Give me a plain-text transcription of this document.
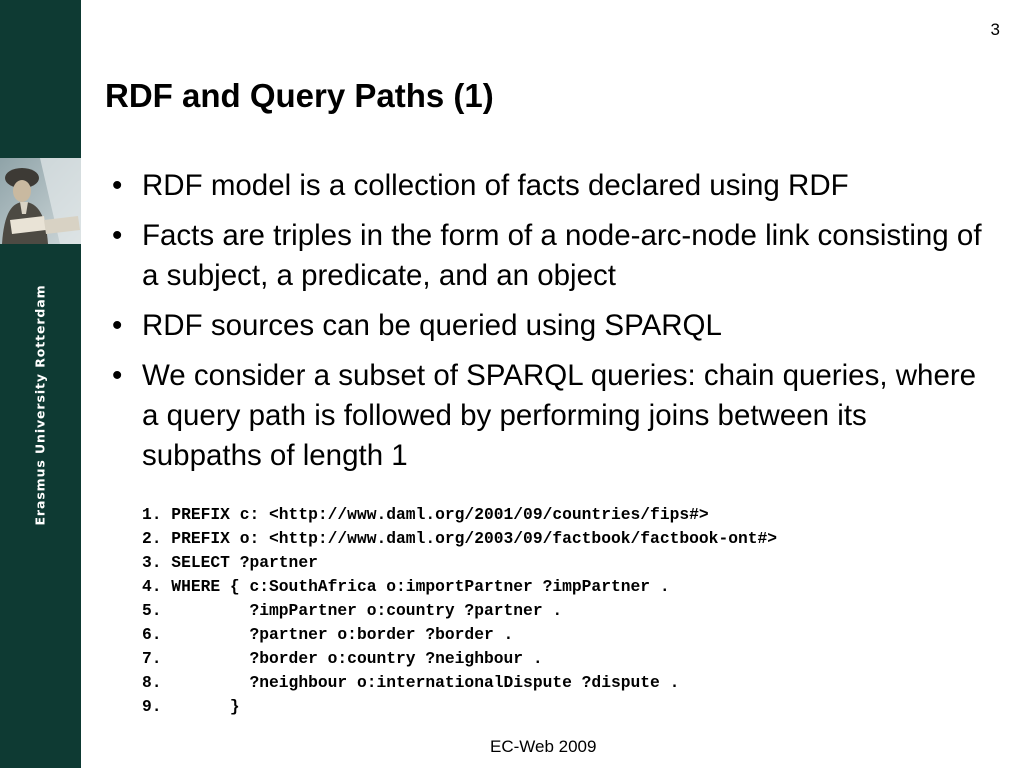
Erasmus University Rotterdam
3
RDF and Query Paths (1)
• RDF model is a collection of facts declared using RDF
• Facts are triples in the form of a node-arc-node link consisting of a subject, a predicate, and an object
• RDF sources can be queried using SPARQL
• We consider a subset of SPARQL queries: chain queries, where a query path is followed by performing joins between its subpaths of length 1
1. PREFIX c: <http://www.daml.org/2001/09/countries/fips#>
2. PREFIX o: <http://www.daml.org/2003/09/factbook/factbook-ont#>
3. SELECT ?partner
4. WHERE { c:SouthAfrica o:importPartner ?impPartner .
5.         ?impPartner o:country ?partner .
6.         ?partner o:border ?border .
7.         ?border o:country ?neighbour .
8.         ?neighbour o:internationalDispute ?dispute .
9.       }
EC-Web 2009
